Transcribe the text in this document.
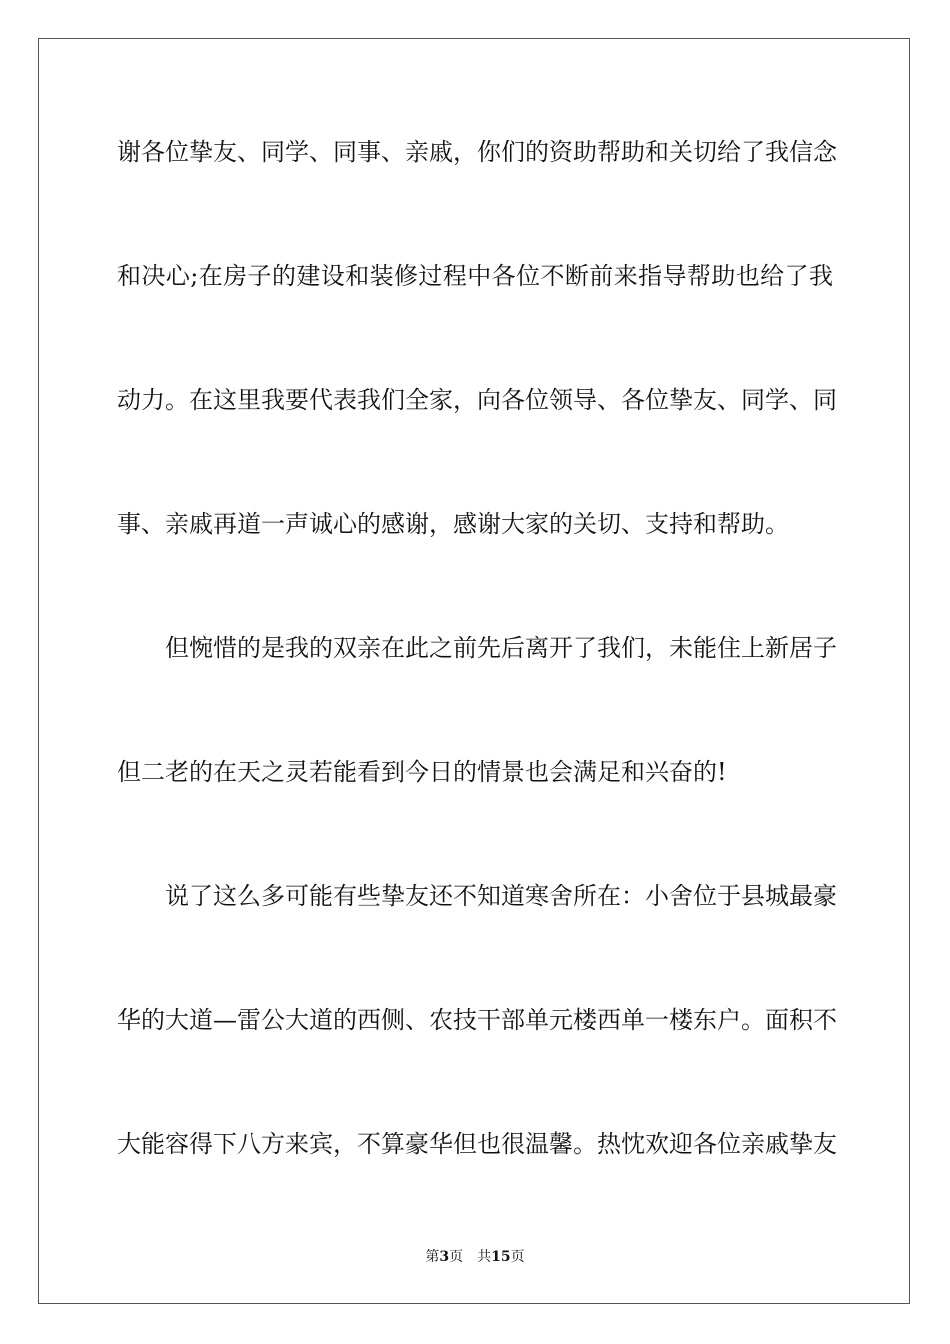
谢各位挚友、同学、同事、亲戚，你们的资助帮助和关切给了我信念
和决心;在房子的建设和装修过程中各位不断前来指导帮助也给了我
动力。在这里我要代表我们全家，向各位领导、各位挚友、同学、同
事、亲戚再道一声诚心的感谢，感谢大家的关切、支持和帮助。
但惋惜的是我的双亲在此之前先后离开了我们，未能住上新居子
但二老的在天之灵若能看到今日的情景也会满足和兴奋的!
说了这么多可能有些挚友还不知道寒舍所在：小舍位于县城最豪
华的大道—雷公大道的西侧、农技干部单元楼西单一楼东户。面积不
大能容得下八方来宾，不算豪华但也很温馨。热忱欢迎各位亲戚挚友
第3页 共15页
